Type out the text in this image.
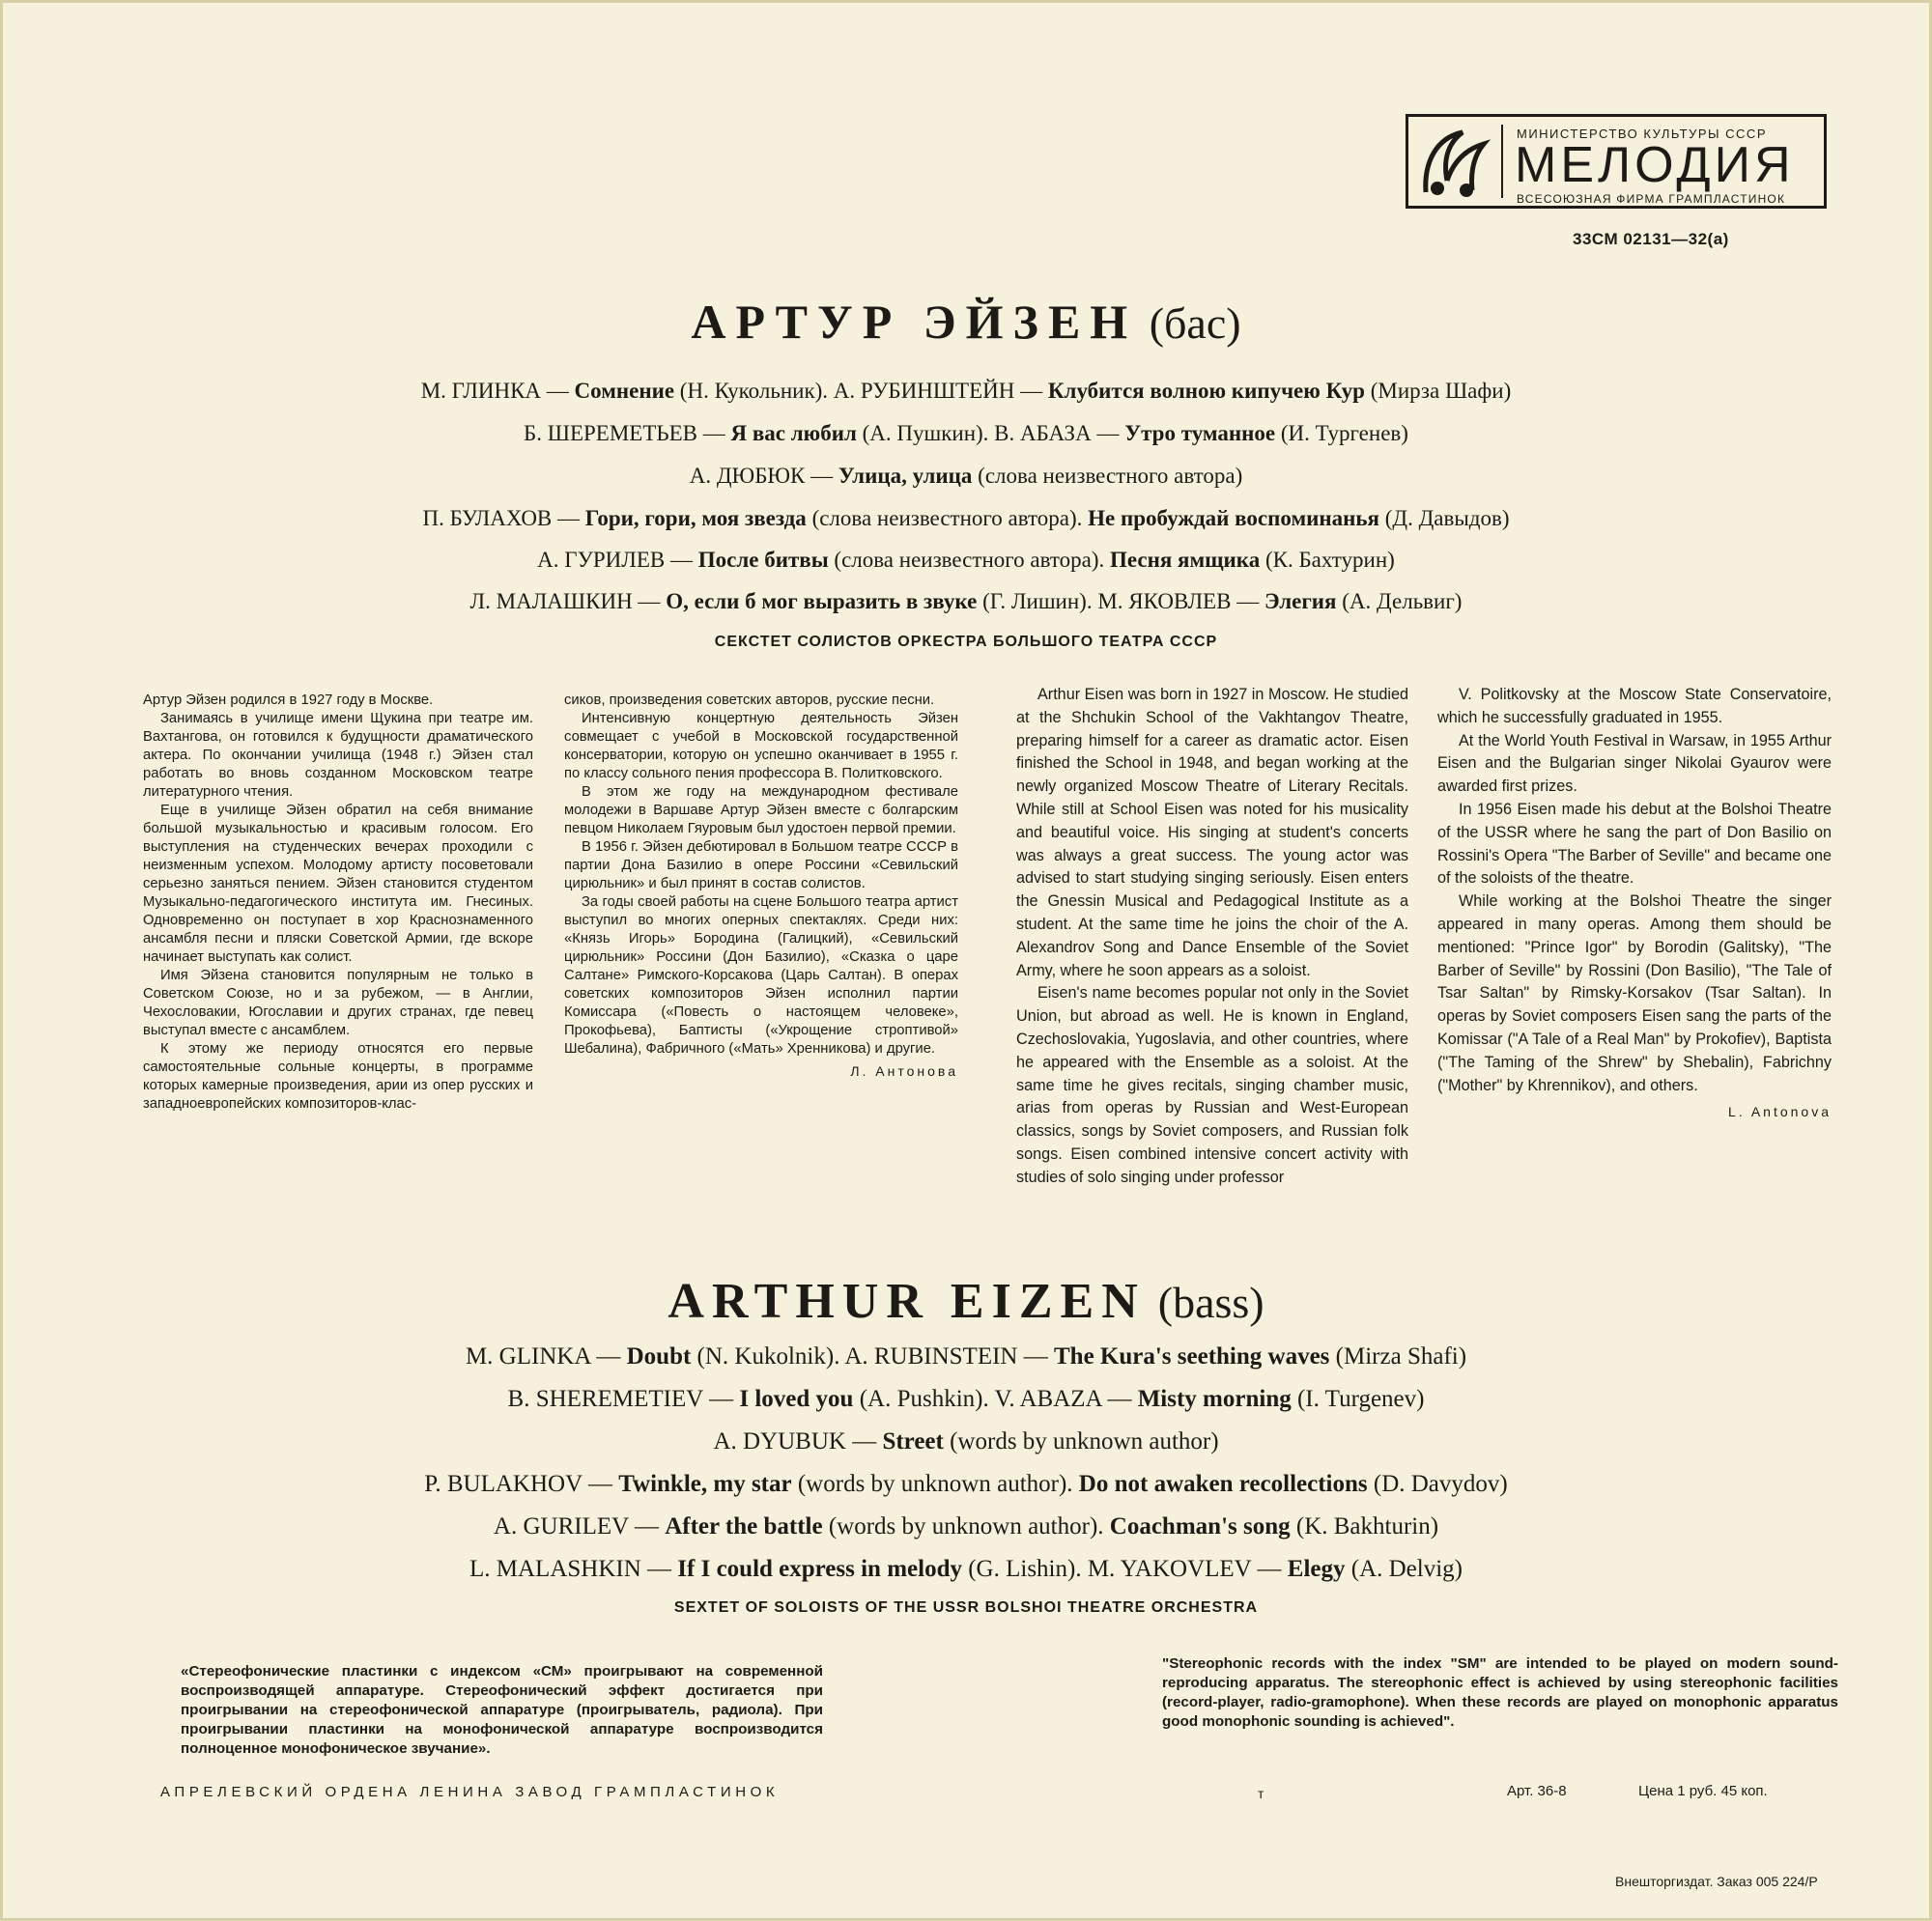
МИНИСТЕРСТВО КУЛЬТУРЫ СССР
МЕЛОДИЯ
ВСЕСОЮЗНАЯ ФИРМА ГРАМПЛАСТИНОК
33СМ 02131—32(а)
АРТУР ЭЙЗЕН (бас)
М. ГЛИНКА — Сомнение (Н. Кукольник). А. РУБИНШТЕЙН — Клубится волною кипучею Кур (Мирза Шафи)
Б. ШЕРЕМЕТЬЕВ — Я вас любил (А. Пушкин). В. АБАЗА — Утро туманное (И. Тургенев)
А. ДЮБЮК — Улица, улица (слова неизвестного автора)
П. БУЛАХОВ — Гори, гори, моя звезда (слова неизвестного автора). Не пробуждай воспоминанья (Д. Давыдов)
А. ГУРИЛЕВ — После битвы (слова неизвестного автора). Песня ямщика (К. Бахтурин)
Л. МАЛАШКИН — О, если б мог выразить в звуке (Г. Лишин). М. ЯКОВЛЕВ — Элегия (А. Дельвиг)
СЕКСТЕТ СОЛИСТОВ ОРКЕСТРА БОЛЬШОГО ТЕАТРА СССР

Артур Эйзен родился в 1927 году в Москве.

Занимаясь в училище имени Щукина при театре им. Вахтангова, он готовился к будущности драматического актера. По окончании училища (1948 г.) Эйзен стал работать во вновь созданном Московском театре литературного чтения.

Еще в училище Эйзен обратил на себя внимание большой музыкальностью и красивым голосом. Его выступления на студенческих вечерах проходили с неизменным успехом. Молодому артисту посоветовали серьезно заняться пением. Эйзен становится студентом Музыкально-педагогического института им. Гнесиных. Одновременно он поступает в хор Краснознаменного ансамбля песни и пляски Советской Армии, где вскоре начинает выступать как солист.

Имя Эйзена становится популярным не только в Советском Союзе, но и за рубежом, — в Англии, Чехословакии, Югославии и других странах, где певец выступал вместе с ансамблем.

К этому же периоду относятся его первые самостоятельные сольные концерты, в программе которых камерные произведения, арии из опер русских и западноевропейских композиторов-клас-

сиков, произведения советских авторов, русские песни.

Интенсивную концертную деятельность Эйзен совмещает с учебой в Московской государственной консерватории, которую он успешно оканчивает в 1955 г. по классу сольного пения профессора В. Политковского.

В этом же году на международном фестивале молодежи в Варшаве Артур Эйзен вместе с болгарским певцом Николаем Гяуровым был удостоен первой премии.

В 1956 г. Эйзен дебютировал в Большом театре СССР в партии Дона Базилио в опере Россини «Севильский цирюльник» и был принят в состав солистов.

За годы своей работы на сцене Большого театра артист выступил во многих оперных спектаклях. Среди них: «Князь Игорь» Бородина (Галицкий), «Севильский цирюльник» Россини (Дон Базилио), «Сказка о царе Салтане» Римского-Корсакова (Царь Салтан). В операх советских композиторов Эйзен исполнил партии Комиссара («Повесть о настоящем человеке», Прокофьева), Баптисты («Укрощение строптивой» Шебалина), Фабричного («Мать» Хренникова) и другие.

Л. Антонова

Arthur Eisen was born in 1927 in Moscow. He studied at the Shchukin School of the Vakhtangov Theatre, preparing himself for a career as dramatic actor. Eisen finished the School in 1948, and began working at the newly organized Moscow Theatre of Literary Recitals. While still at School Eisen was noted for his musicality and beautiful voice. His singing at student's concerts was always a great success. The young actor was advised to start studying singing seriously. Eisen enters the Gnessin Musical and Pedagogical Institute as a student. At the same time he joins the choir of the A. Alexandrov Song and Dance Ensemble of the Soviet Army, where he soon appears as a soloist.

Eisen's name becomes popular not only in the Soviet Union, but abroad as well. He is known in England, Czechoslovakia, Yugoslavia, and other countries, where he appeared with the Ensemble as a soloist. At the same time he gives recitals, singing chamber music, arias from operas by Russian and West-European classics, songs by Soviet composers, and Russian folk songs. Eisen combined intensive concert activity with studies of solo singing under professor

V. Politkovsky at the Moscow State Conservatoire, which he successfully graduated in 1955.

At the World Youth Festival in Warsaw, in 1955 Arthur Eisen and the Bulgarian singer Nikolai Gyaurov were awarded first prizes.

In 1956 Eisen made his debut at the Bolshoi Theatre of the USSR where he sang the part of Don Basilio on Rossini's Opera "The Barber of Seville" and became one of the soloists of the theatre.

While working at the Bolshoi Theatre the singer appeared in many operas. Among them should be mentioned: "Prince Igor" by Borodin (Galitsky), "The Barber of Seville" by Rossini (Don Basilio), "The Tale of Tsar Saltan" by Rimsky-Korsakov (Tsar Saltan). In operas by Soviet composers Eisen sang the parts of the Komissar ("A Tale of a Real Man" by Prokofiev), Baptista ("The Taming of the Shrew" by Shebalin), Fabrichny ("Mother" by Khrennikov), and others.

L. Antonova
ARTHUR EIZEN (bass)
M. GLINKA — Doubt (N. Kukolnik). A. RUBINSTEIN — The Kura's seething waves (Mirza Shafi)
B. SHEREMETIEV — I loved you (A. Pushkin). V. ABAZA — Misty morning (I. Turgenev)
A. DYUBUK — Street (words by unknown author)
P. BULAKHOV — Twinkle, my star (words by unknown author). Do not awaken recollections (D. Davydov)
A. GURILEV — After the battle (words by unknown author). Coachman's song (K. Bakhturin)
L. MALASHKIN — If I could express in melody (G. Lishin). M. YAKOVLEV — Elegy (A. Delvig)
SEXTET OF SOLOISTS OF THE USSR BOLSHOI THEATRE ORCHESTRA
«Стереофонические пластинки с индексом «СМ» проигрывают на современной воспроизводящей аппаратуре. Стереофонический эффект достигается при проигрывании на стереофонической аппаратуре (проигрыватель, радиола). При проигрывании пластинки на монофонической аппаратуре воспроизводится полноценное монофоническое звучание».
"Stereophonic records with the index "SM" are intended to be played on modern sound-reproducing apparatus. The stereophonic effect is achieved by using stereophonic facilities (record-player, radio-gramophone). When these records are played on monophonic apparatus good monophonic sounding is achieved".
АПРЕЛЕВСКИЙ ОРДЕНА ЛЕНИНА ЗАВОД ГРАМПЛАСТИНОК	т	Арт. 36-8	Цена 1 руб. 45 коп.
Внешторгиздат. Заказ 005 224/Р
